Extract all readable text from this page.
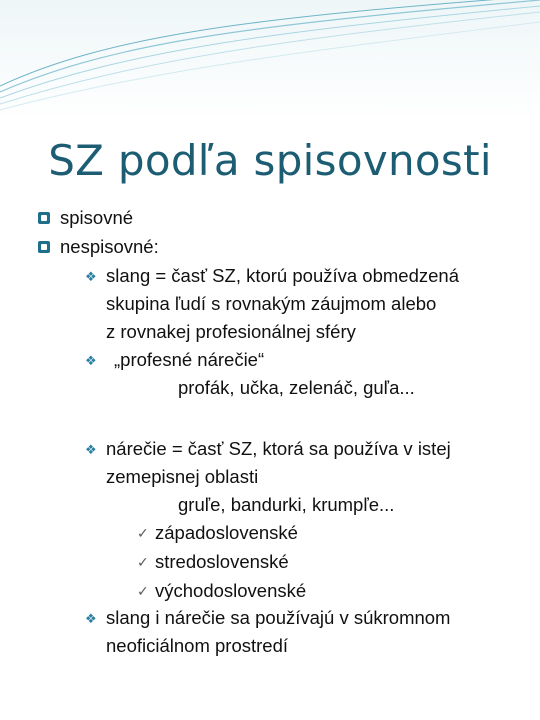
SZ podľa spisovnosti
spisovné
nespisovné:
❖ slang = časť SZ, ktorú používa obmedzená
skupina ľudí s rovnakým záujmom alebo
z rovnakej profesionálnej sféry
❖ „profesné nárečie“
profák, učka, zelenáč, guľa...
❖ nárečie = časť SZ, ktorá sa používa v istej
zemepisnej oblasti
gruľe, bandurki, krumpľe...
✓ západoslovenské
✓ stredoslovenské
✓ východoslovenské
❖ slang i nárečie sa používajú v súkromnom
neoficiálnom prostredí
